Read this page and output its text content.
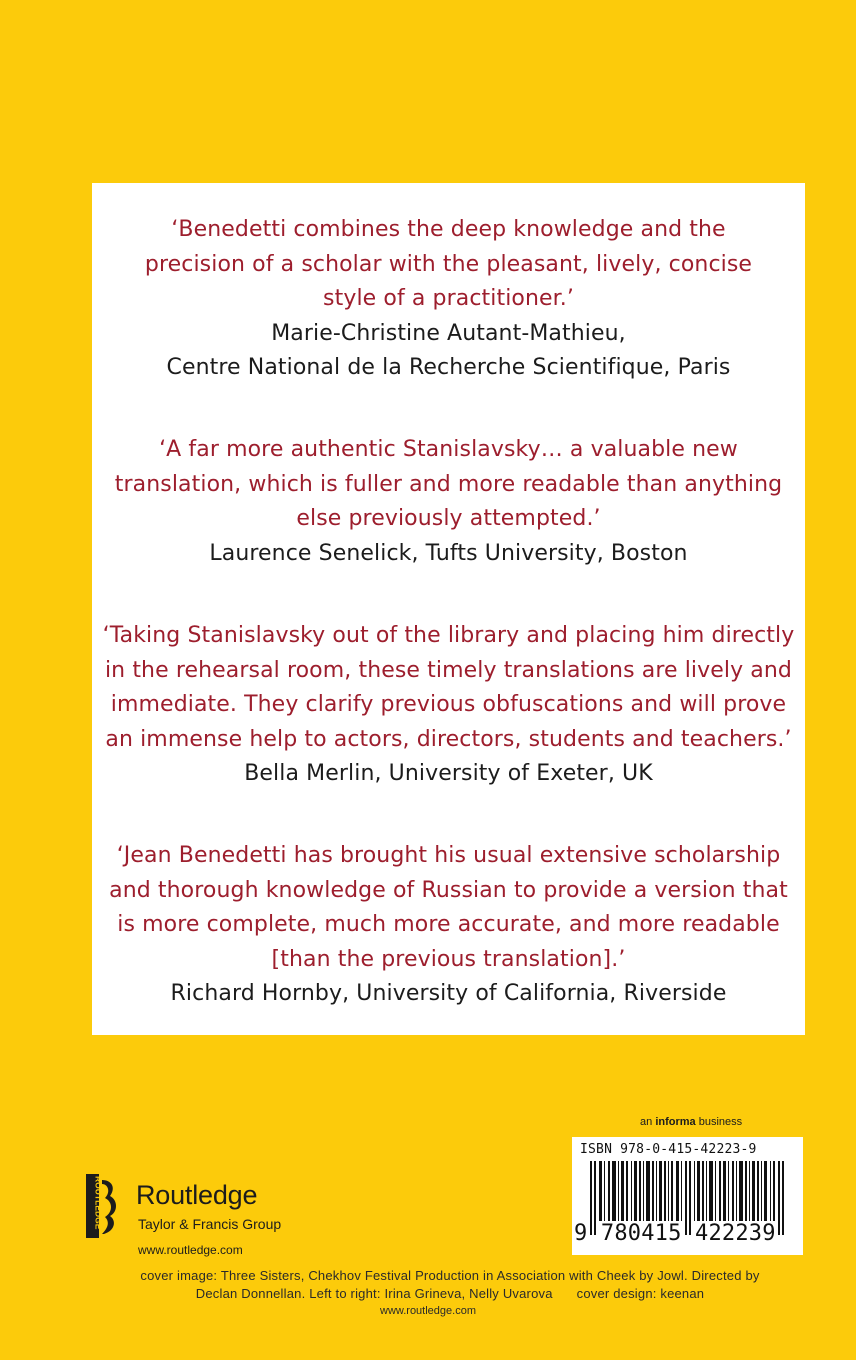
‘Benedetti combines the deep knowledge and the precision of a scholar with the pleasant, lively, concise style of a practitioner.’
Marie-Christine Autant-Mathieu,
Centre National de la Recherche Scientifique, Paris
‘A far more authentic Stanislavsky… a valuable new translation, which is fuller and more readable than anything else previously attempted.’
Laurence Senelick, Tufts University, Boston
‘Taking Stanislavsky out of the library and placing him directly in the rehearsal room, these timely translations are lively and immediate. They clarify previous obfuscations and will prove an immense help to actors, directors, students and teachers.’
Bella Merlin, University of Exeter, UK
‘Jean Benedetti has brought his usual extensive scholarship and thorough knowledge of Russian to provide a version that is more complete, much more accurate, and more readable [than the previous translation].’
Richard Hornby, University of California, Riverside
an informa business
ISBN 978-0-415-42223-9
9 780415 422239
ROUTLEDGE Routledge
Taylor & Francis Group
www.routledge.com
cover image: Three Sisters, Chekhov Festival Production in Association with Cheek by Jowl. Directed by
Declan Donnellan. Left to right: Irina Grineva, Nelly Uvarova cover design: keenan
www.routledge.com
